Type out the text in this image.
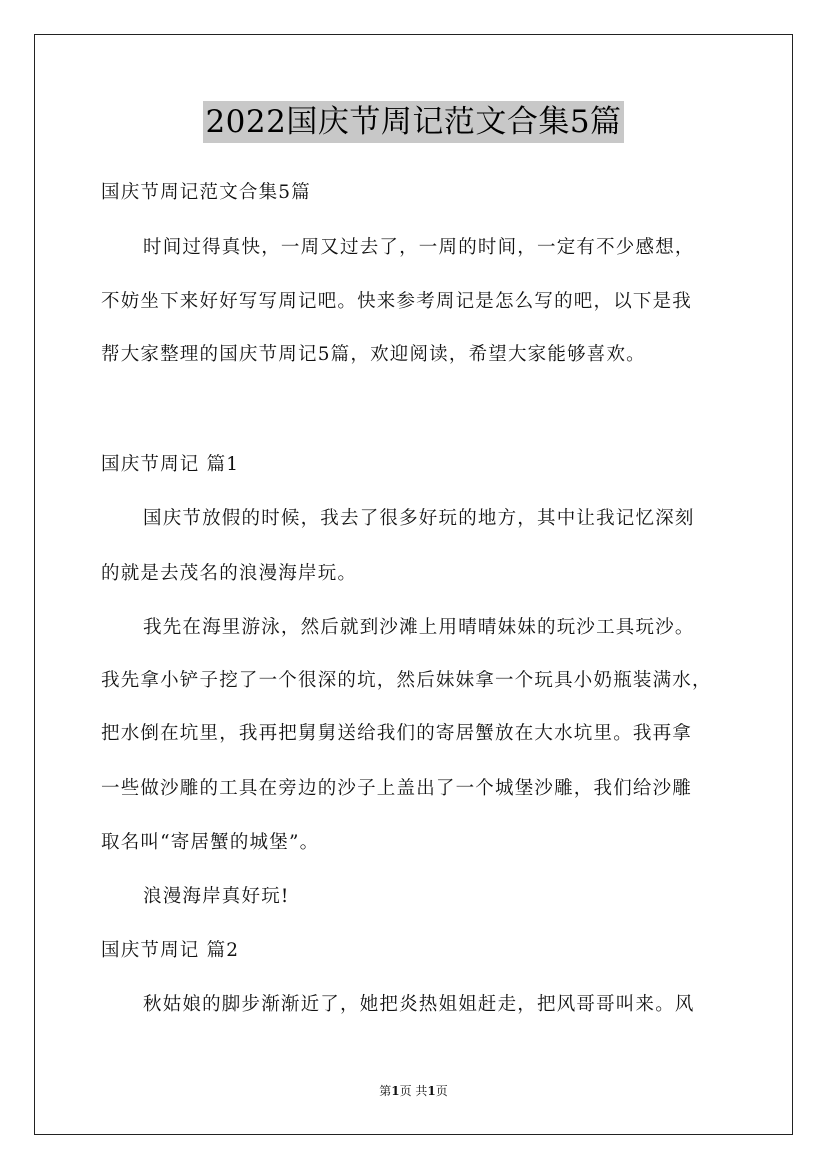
2022国庆节周记范文合集5篇
国庆节周记范文合集5篇
时间过得真快，一周又过去了，一周的时间，一定有不少感想，
不妨坐下来好好写写周记吧。快来参考周记是怎么写的吧，以下是我
帮大家整理的国庆节周记5篇，欢迎阅读，希望大家能够喜欢。
国庆节周记 篇1
国庆节放假的时候，我去了很多好玩的地方，其中让我记忆深刻
的就是去茂名的浪漫海岸玩。
我先在海里游泳，然后就到沙滩上用晴晴妹妹的玩沙工具玩沙。
我先拿小铲子挖了一个很深的坑，然后妹妹拿一个玩具小奶瓶装满水，
把水倒在坑里，我再把舅舅送给我们的寄居蟹放在大水坑里。我再拿
一些做沙雕的工具在旁边的沙子上盖出了一个城堡沙雕，我们给沙雕
取名叫“寄居蟹的城堡”。
浪漫海岸真好玩!
国庆节周记 篇2
秋姑娘的脚步渐渐近了，她把炎热姐姐赶走，把风哥哥叫来。风
第1页 共1页
